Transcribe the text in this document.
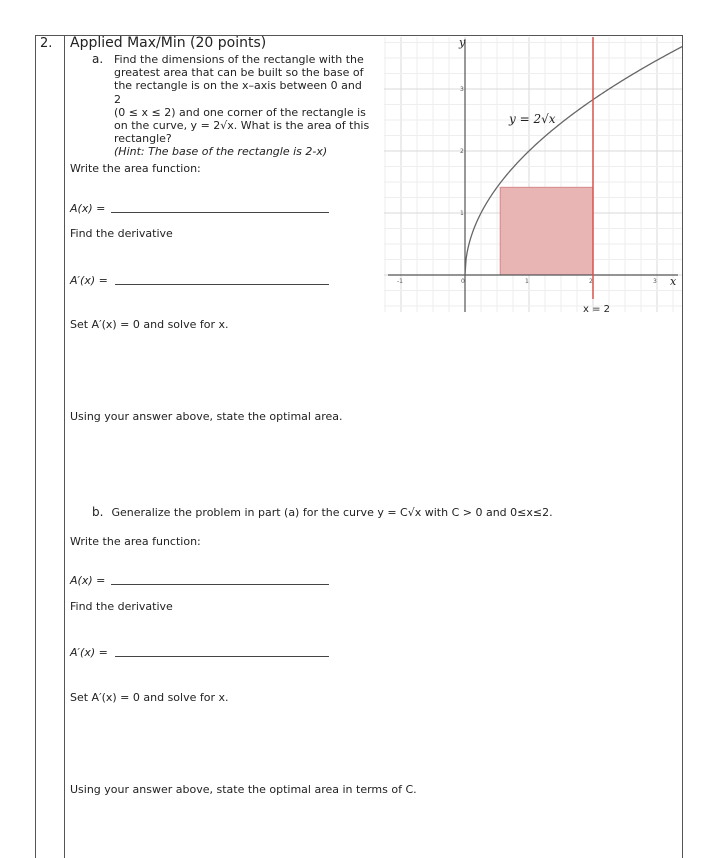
2. Applied Max/Min (20 points)
a. Find the dimensions of the rectangle with the
greatest area that can be built so the base of
the rectangle is on the x–axis between 0 and 2
(0 ≤ x ≤ 2) and one corner of the rectangle is
on the curve, y = 2√x. What is the area of this
rectangle?
(Hint: The base of the rectangle is 2-x)
Write the area function:
A(x) =
Find the derivative
A′(x) =
Set A′(x) = 0 and solve for x.
Using your answer above, state the optimal area.
-1	0	1	2	3
1
2
3
y = 2√x
x = 2
x
y
b. Generalize the problem in part (a) for the curve y = C√x with C > 0 and 0≤x≤2.
Write the area function:
A(x) =
Find the derivative
A′(x) =
Set A′(x) = 0 and solve for x.
Using your answer above, state the optimal area in terms of C.
